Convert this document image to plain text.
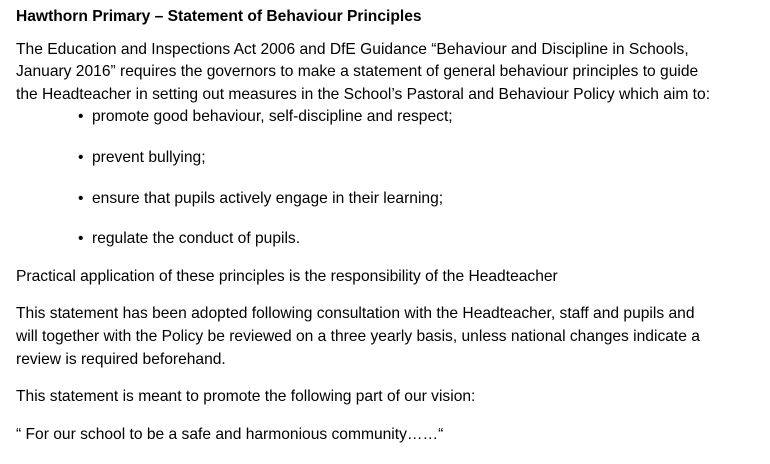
Hawthorn Primary – Statement of Behaviour Principles
The Education and Inspections Act 2006 and DfE Guidance “Behaviour and Discipline in Schools,
January 2016” requires the governors to make a statement of general behaviour principles to guide
the Headteacher in setting out measures in the School’s Pastoral and Behaviour Policy which aim to:
• promote good behaviour, self-discipline and respect;
• prevent bullying;
• ensure that pupils actively engage in their learning;
• regulate the conduct of pupils.

Practical application of these principles is the responsibility of the Headteacher

This statement has been adopted following consultation with the Headteacher, staff and pupils and
will together with the Policy be reviewed on a three yearly basis, unless national changes indicate a
review is required beforehand.

This statement is meant to promote the following part of our vision:

“ For our school to be a safe and harmonious community……“
